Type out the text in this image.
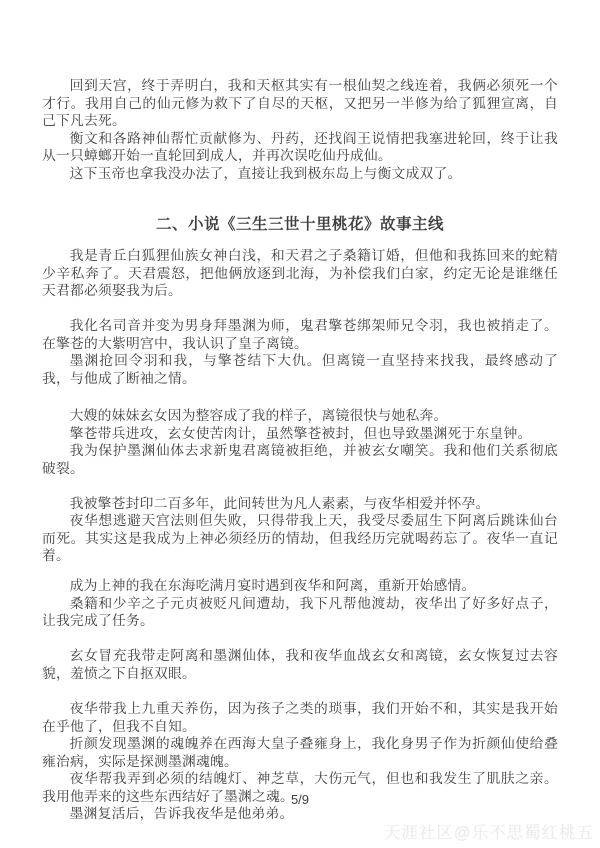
回到天宫，终于弄明白，我和天枢其实有一根仙契之线连着，我俩必须死一个才行。我用自己的仙元修为救下了自尽的天枢，又把另一半修为给了狐狸宣离，自己下凡去死。

衡文和各路神仙帮忙贡献修为、丹药，还找阎王说情把我塞进轮回，终于让我从一只蟑螂开始一直轮回到成人，并再次误吃仙丹成仙。

这下玉帝也拿我没办法了，直接让我到极东岛上与衡文成双了。

二、小说《三生三世十里桃花》故事主线

我是青丘白狐狸仙族女神白浅，和天君之子桑籍订婚，但他和我拣回来的蛇精少辛私奔了。天君震怒，把他俩放逐到北海，为补偿我们白家，约定无论是谁继任天君都必须娶我为后。

我化名司音并变为男身拜墨渊为师，鬼君擎苍绑架师兄令羽，我也被捎走了。在擎苍的大紫明宫中，我认识了皇子离镜。

墨渊抢回令羽和我，与擎苍结下大仇。但离镜一直坚持来找我，最终感动了我，与他成了断袖之情。

大嫂的妹妹玄女因为整容成了我的样子，离镜很快与她私奔。

擎苍带兵进攻，玄女使苦肉计，虽然擎苍被封，但也导致墨渊死于东皇钟。

我为保护墨渊仙体去求新鬼君离镜被拒绝，并被玄女嘲笑。我和他们关系彻底破裂。

我被擎苍封印二百多年，此间转世为凡人素素，与夜华相爱并怀孕。

夜华想逃避天宫法则但失败，只得带我上天，我受尽委屈生下阿离后跳诛仙台而死。其实这是我成为上神必须经历的情劫，但我经历完就喝药忘了。夜华一直记着。

成为上神的我在东海吃满月宴时遇到夜华和阿离，重新开始感情。

桑籍和少辛之子元贞被贬凡间遭劫，我下凡帮他渡劫，夜华出了好多好点子，让我完成了任务。

玄女冒充我带走阿离和墨渊仙体，我和夜华血战玄女和离镜，玄女恢复过去容貌，羞愤之下自抠双眼。

夜华带我上九重天养伤，因为孩子之类的琐事，我们开始不和，其实是我开始在乎他了，但我不自知。

折颜发现墨渊的魂魄养在西海大皇子叠雍身上，我化身男子作为折颜仙使给叠雍治病，实际是探测墨渊魂魄。

夜华帮我弄到必须的结魄灯、神芝草，大伤元气，但也和我发生了肌肤之亲。我用他弄来的这些东西结好了墨渊之魂。

墨渊复活后，告诉我夜华是他弟弟。

5/9
天涯社区@乐不思蜀红桃五
